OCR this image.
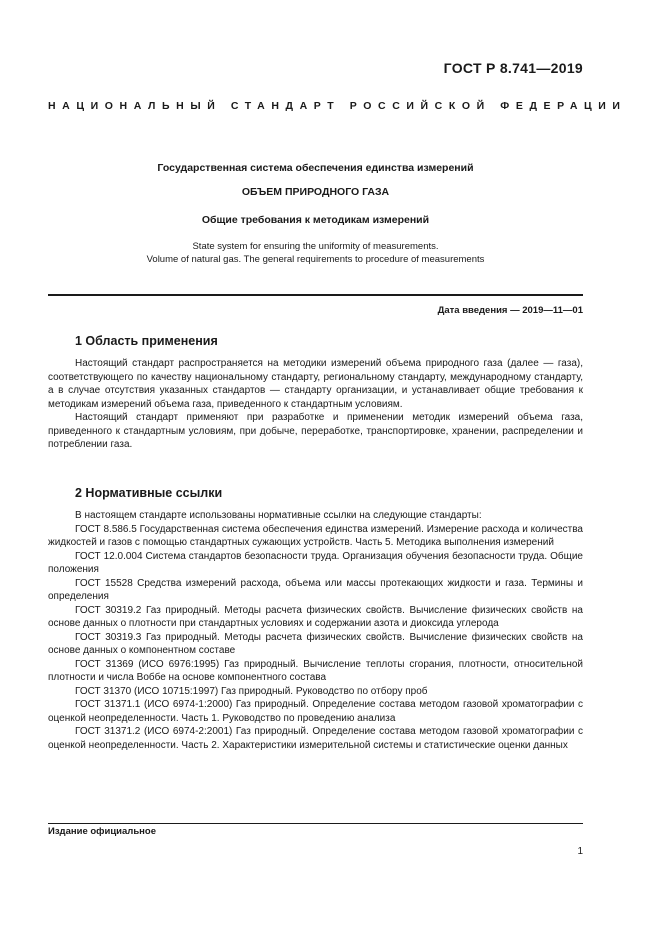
ГОСТ Р 8.741—2019
НАЦИОНАЛЬНЫЙ СТАНДАРТ РОССИЙСКОЙ ФЕДЕРАЦИИ
Государственная система обеспечения единства измерений
ОБЪЕМ ПРИРОДНОГО ГАЗА
Общие требования к методикам измерений
State system for ensuring the uniformity of measurements.
Volume of natural gas. The general requirements to procedure of measurements
Дата введения — 2019—11—01
1 Область применения

Настоящий стандарт распространяется на методики измерений объема природного газа (далее — газа), соответствующего по качеству национальному стандарту, региональному стандарту, международному стандарту, а в случае отсутствия указанных стандартов — стандарту организации, и устанавливает общие требования к методикам измерений объема газа, приведенного к стандартным условиям.

Настоящий стандарт применяют при разработке и применении методик измерений объема газа, приведенного к стандартным условиям, при добыче, переработке, транспортировке, хранении, распределении и потреблении газа.

2 Нормативные ссылки

В настоящем стандарте использованы нормативные ссылки на следующие стандарты:

ГОСТ 8.586.5 Государственная система обеспечения единства измерений. Измерение расхода и количества жидкостей и газов с помощью стандартных сужающих устройств. Часть 5. Методика выполнения измерений

ГОСТ 12.0.004 Система стандартов безопасности труда. Организация обучения безопасности труда. Общие положения

ГОСТ 15528 Средства измерений расхода, объема или массы протекающих жидкости и газа. Термины и определения

ГОСТ 30319.2 Газ природный. Методы расчета физических свойств. Вычисление физических свойств на основе данных о плотности при стандартных условиях и содержании азота и диоксида углерода

ГОСТ 30319.3 Газ природный. Методы расчета физических свойств. Вычисление физических свойств на основе данных о компонентном составе

ГОСТ 31369 (ИСО 6976:1995) Газ природный. Вычисление теплоты сгорания, плотности, относительной плотности и числа Воббе на основе компонентного состава

ГОСТ 31370 (ИСО 10715:1997) Газ природный. Руководство по отбору проб

ГОСТ 31371.1 (ИСО 6974-1:2000) Газ природный. Определение состава методом газовой хроматографии с оценкой неопределенности. Часть 1. Руководство по проведению анализа

ГОСТ 31371.2 (ИСО 6974-2:2001) Газ природный. Определение состава методом газовой хроматографии с оценкой неопределенности. Часть 2. Характеристики измерительной системы и статистические оценки данных

Издание официальное
1
